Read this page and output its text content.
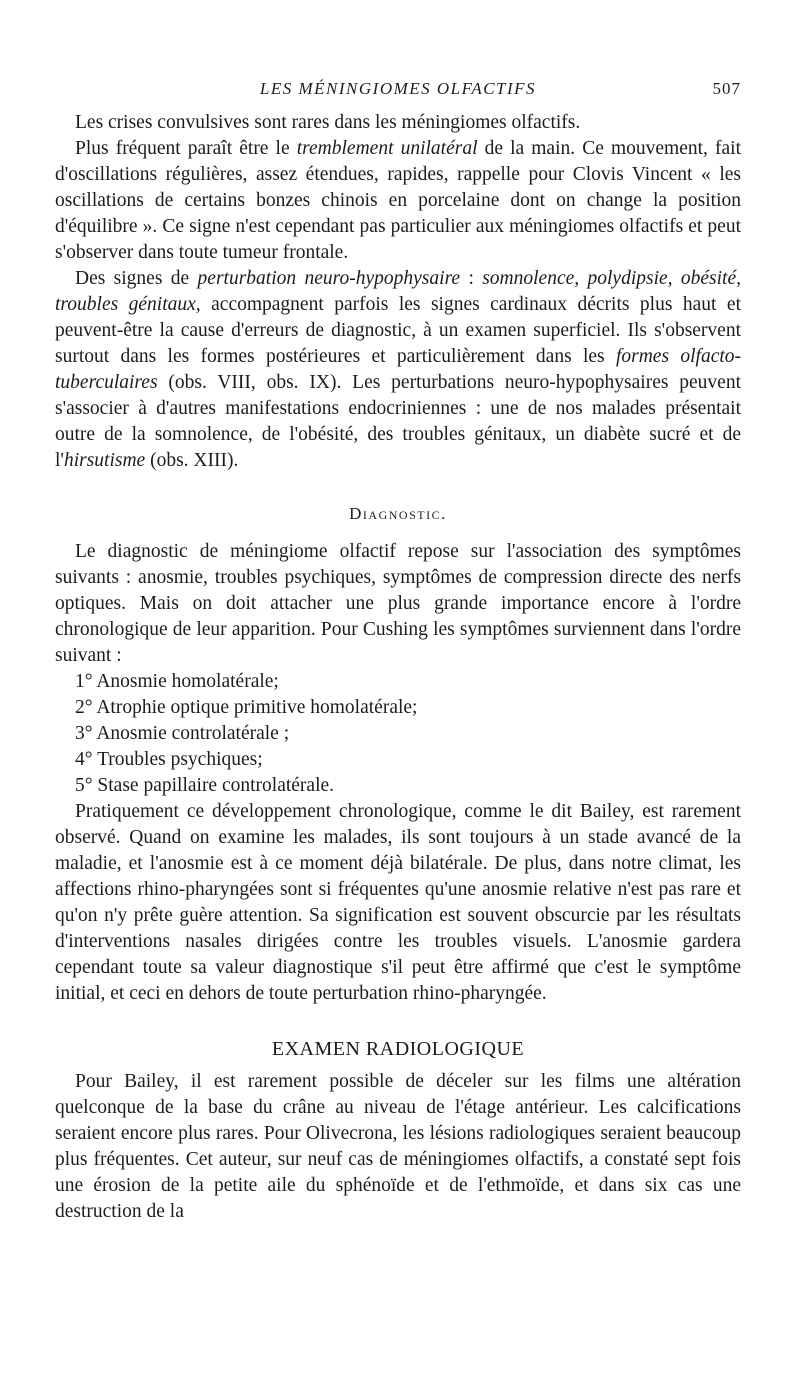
LES MÉNINGIOMES OLFACTIFS	507

Les crises convulsives sont rares dans les méningiomes olfactifs.

Plus fréquent paraît être le tremblement unilatéral de la main. Ce mouvement, fait d'oscillations régulières, assez étendues, rapides, rappelle pour Clovis Vincent « les oscillations de certains bonzes chinois en porcelaine dont on change la position d'équilibre ». Ce signe n'est cependant pas particulier aux méningiomes olfactifs et peut s'observer dans toute tumeur frontale.

Des signes de perturbation neuro-hypophysaire : somnolence, polydipsie, obésité, troubles génitaux, accompagnent parfois les signes cardinaux décrits plus haut et peuvent-être la cause d'erreurs de diagnostic, à un examen superficiel. Ils s'observent surtout dans les formes postérieures et particulièrement dans les formes olfacto-tuberculaires (obs. VIII, obs. IX). Les perturbations neuro-hypophysaires peuvent s'associer à d'autres manifestations endocriniennes : une de nos malades présentait outre de la somnolence, de l'obésité, des troubles génitaux, un diabète sucré et de l'hirsutisme (obs. XIII).

Diagnostic.

Le diagnostic de méningiome olfactif repose sur l'association des symptômes suivants : anosmie, troubles psychiques, symptômes de compression directe des nerfs optiques. Mais on doit attacher une plus grande importance encore à l'ordre chronologique de leur apparition. Pour Cushing les symptômes surviennent dans l'ordre suivant :

1° Anosmie homolatérale;

2° Atrophie optique primitive homolatérale;

3° Anosmie controlatérale ;

4° Troubles psychiques;

5° Stase papillaire controlatérale.

Pratiquement ce développement chronologique, comme le dit Bailey, est rarement observé. Quand on examine les malades, ils sont toujours à un stade avancé de la maladie, et l'anosmie est à ce moment déjà bilatérale. De plus, dans notre climat, les affections rhino-pharyngées sont si fréquentes qu'une anosmie relative n'est pas rare et qu'on n'y prête guère attention. Sa signification est souvent obscurcie par les résultats d'interventions nasales dirigées contre les troubles visuels. L'anosmie gardera cependant toute sa valeur diagnostique s'il peut être affirmé que c'est le symptôme initial, et ceci en dehors de toute perturbation rhino-pharyngée.

EXAMEN RADIOLOGIQUE

Pour Bailey, il est rarement possible de déceler sur les films une altération quelconque de la base du crâne au niveau de l'étage antérieur. Les calcifications seraient encore plus rares. Pour Olivecrona, les lésions radiologiques seraient beaucoup plus fréquentes. Cet auteur, sur neuf cas de méningiomes olfactifs, a constaté sept fois une érosion de la petite aile du sphénoïde et de l'ethmoïde, et dans six cas une destruction de la
